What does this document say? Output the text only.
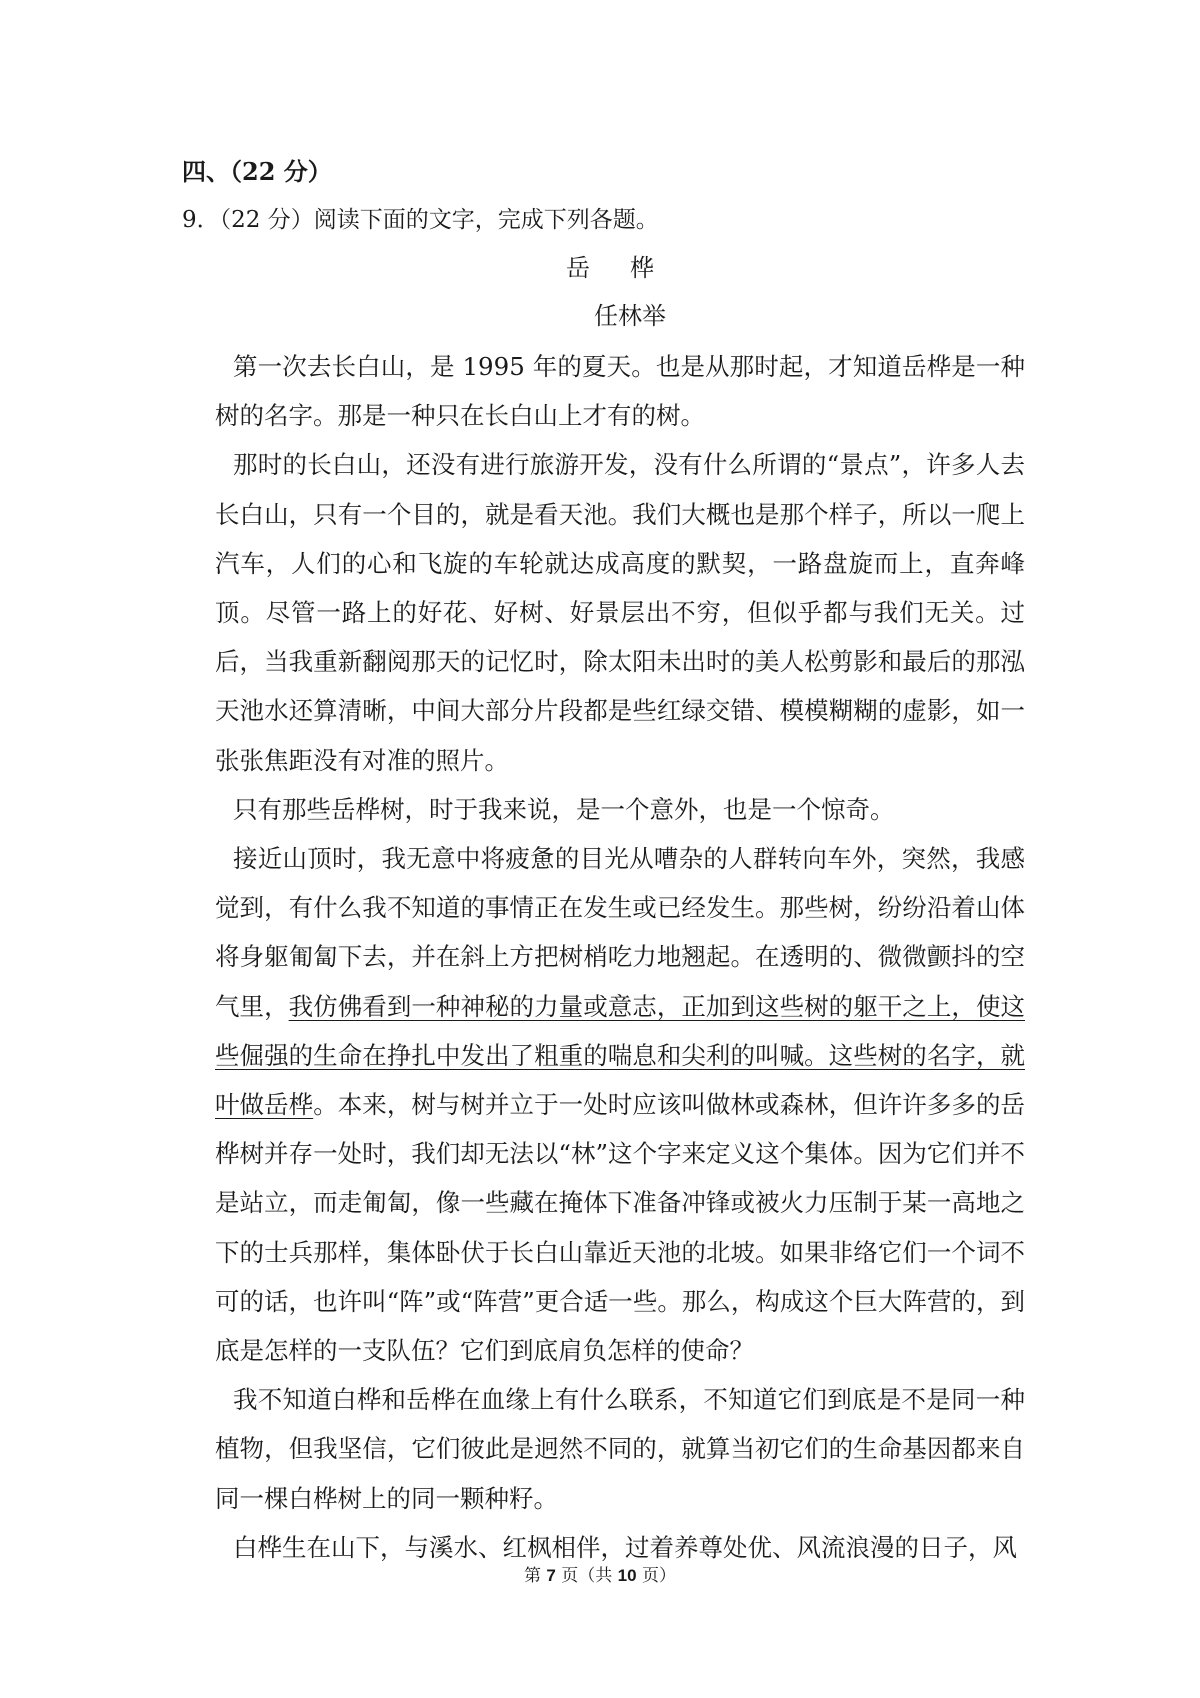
四、（22 分）
9．（22 分）阅读下面的文字，完成下列各题。
岳桦
任林举

第一次去长白山，是 1995 年的夏天。也是从那时起，才知道岳桦是一种树的名字。那是一种只在长白山上才有的树。

那时的长白山，还没有进行旅游开发，没有什么所谓的“景点”，许多人去长白山，只有一个目的，就是看天池。我们大概也是那个样子，所以一爬上汽车，人们的心和飞旋的车轮就达成高度的默契，一路盘旋而上，直奔峰顶。尽管一路上的好花、好树、好景层出不穷，但似乎都与我们无关。过后，当我重新翻阅那天的记忆时，除太阳未出时的美人松剪影和最后的那泓天池水还算清晰，中间大部分片段都是些红绿交错、模模糊糊的虚影，如一张张焦距没有对准的照片。

只有那些岳桦树，时于我来说，是一个意外，也是一个惊奇。

接近山顶时，我无意中将疲惫的目光从嘈杂的人群转向车外，突然，我感觉到，有什么我不知道的事情正在发生或已经发生。那些树，纷纷沿着山体将身躯匍匐下去，并在斜上方把树梢吃力地翘起。在透明的、微微颤抖的空气里，我仿佛看到一种神秘的力量或意志，正加到这些树的躯干之上，使这些倔强的生命在挣扎中发出了粗重的喘息和尖利的叫喊。这些树的名字，就叶做岳桦。本来，树与树并立于一处时应该叫做林或森林，但许许多多的岳桦树并存一处时，我们却无法以“林”这个字来定义这个集体。因为它们并不是站立，而走匍匐，像一些藏在掩体下准备冲锋或被火力压制于某一高地之下的士兵那样，集体卧伏于长白山靠近天池的北坡。如果非络它们一个词不可的话，也许叫“阵”或“阵营”更合适一些。那么，构成这个巨大阵营的，到底是怎样的一支队伍？它们到底肩负怎样的使命？

我不知道白桦和岳桦在血缘上有什么联系，不知道它们到底是不是同一种植物，但我坚信，它们彼此是迥然不同的，就算当初它们的生命基因都来自同一棵白桦树上的同一颗种籽。

白桦生在山下，与溪水、红枫相伴，过着养尊处优、风流浪漫的日子，风

第 7 页（共 10 页）
